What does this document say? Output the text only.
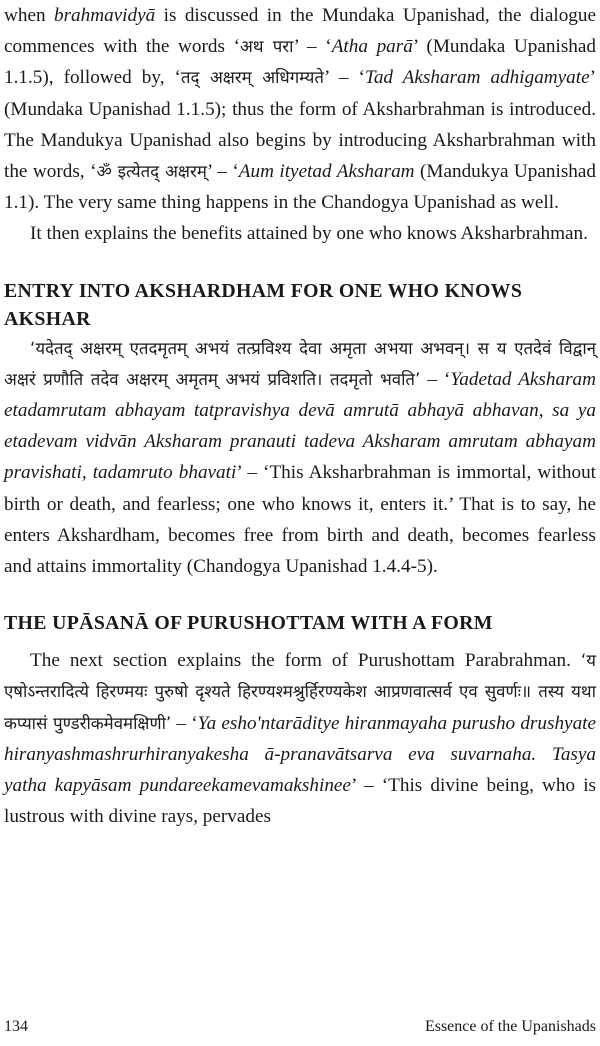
when brahmavidyā is discussed in the Mundaka Upanishad, the dialogue commences with the words ‘अथ परा’ – ‘Atha parā’ (Mundaka Upanishad 1.1.5), followed by, ‘तद् अक्षरम् अधिगम्यते’ – ‘Tad Aksharam adhigamyate’ (Mundaka Upanishad 1.1.5); thus the form of Aksharbrahman is introduced. The Mandukya Upanishad also begins by introducing Aksharbrahman with the words, ‘ॐ इत्येतद् अक्षरम्’ – ‘Aum ityetad Aksharam (Mandukya Upanishad 1.1). The very same thing happens in the Chandogya Upanishad as well.

It then explains the benefits attained by one who knows Aksharbrahman.

ENTRY INTO AKSHARDHAM FOR ONE WHO KNOWS AKSHAR

‘यदेतद् अक्षरम् एतदमृतम् अभयं तत्प्रविश्य देवा अमृता अभया अभवन्। स य एतदेवं विद्वान् अक्षरं प्रणौति तदेव अक्षरम् अमृतम् अभयं प्रविशति। तदमृतो भवति’ – ‘Yadetad Aksharam etadamrutam abhayam tatpravishya devā amrutā abhayā abhavan, sa ya etadevam vidvān Aksharam pranauti tadeva Aksharam amrutam abhayam pravishati, tadamruto bhavati’ – ‘This Aksharbrahman is immortal, without birth or death, and fearless; one who knows it, enters it.’ That is to say, he enters Akshardham, becomes free from birth and death, becomes fearless and attains immortality (Chandogya Upanishad 1.4.4-5).

THE UPĀSANĀ OF PURUSHOTTAM WITH A FORM

The next section explains the form of Purushottam Parabrahman. ‘य एषोऽन्तरादित्ये हिरण्मयः पुरुषो दृश्यते हिरण्यश्मश्रुर्हिरण्यकेश आप्रणवात्सर्व एव सुवर्णः॥ तस्य यथा कप्यासं पुण्डरीकमेवमक्षिणी’ – ‘Ya esho'ntarāditye hiranmayaha purusho drushyate hiranyashmashrurhiranyakesha ā-pranavātsarva eva suvarnaha. Tasya yatha kapyāsam pundareekamevamakshinee’ – ‘This divine being, who is lustrous with divine rays, pervades

134	Essence of the Upanishads
